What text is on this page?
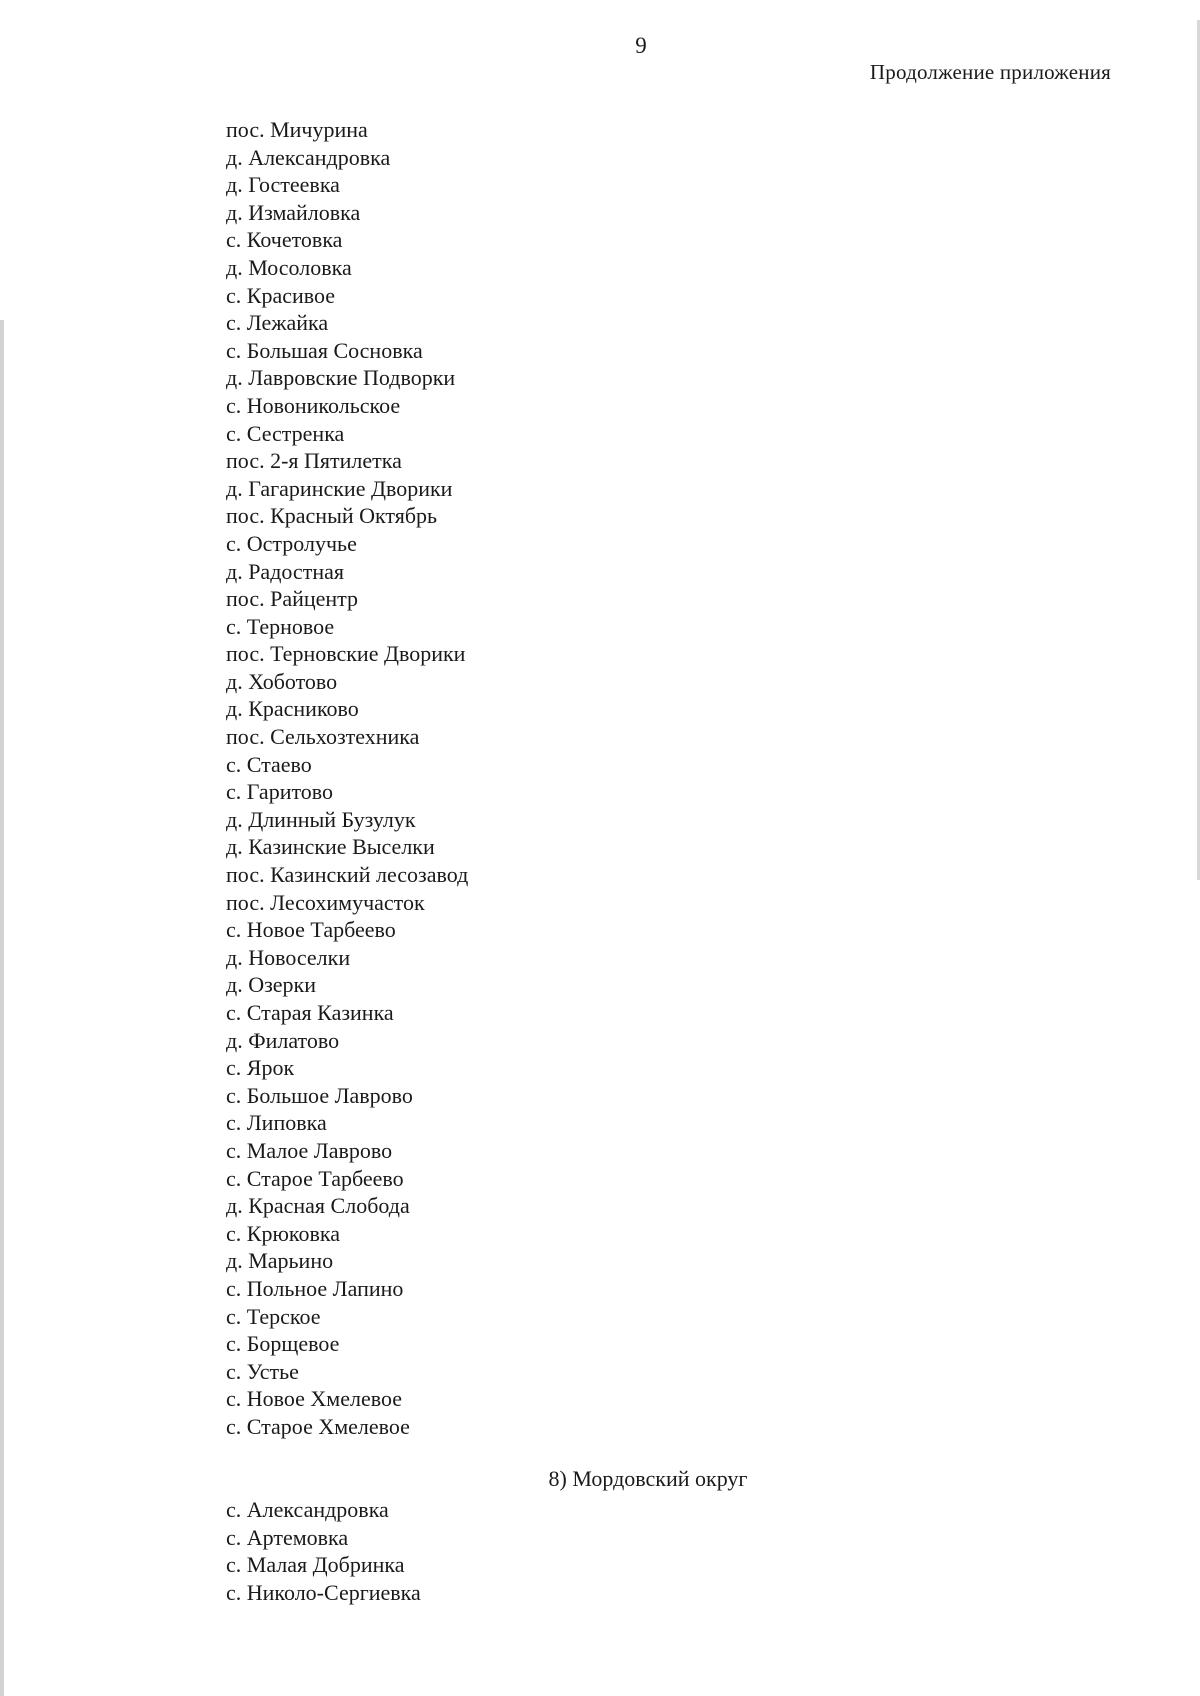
9
Продолжение приложения
пос. Мичурина
д. Александровка
д. Гостеевка
д. Измайловка
с. Кочетовка
д. Мосоловка
с. Красивое
с. Лежайка
с. Большая Сосновка
д. Лавровские Подворки
с. Новоникольское
с. Сестренка
пос. 2-я Пятилетка
д. Гагаринские Дворики
пос. Красный Октябрь
с. Остролучье
д. Радостная
пос. Райцентр
с. Терновое
пос. Терновские Дворики
д. Хоботово
д. Красниково
пос. Сельхозтехника
с. Стаево
с. Гаритово
д. Длинный Бузулук
д. Казинские Выселки
пос. Казинский лесозавод
пос. Лесохимучасток
с. Новое Тарбеево
д. Новоселки
д. Озерки
с. Старая Казинка
д. Филатово
с. Ярок
с. Большое Лаврово
с. Липовка
с. Малое Лаврово
с. Старое Тарбеево
д. Красная Слобода
с. Крюковка
д. Марьино
с. Польное Лапино
с. Терское
с. Борщевое
с. Устье
с. Новое Хмелевое
с. Старое Хмелевое
8) Мордовский округ
с. Александровка
с. Артемовка
с. Малая Добринка
с. Николо-Сергиевка
